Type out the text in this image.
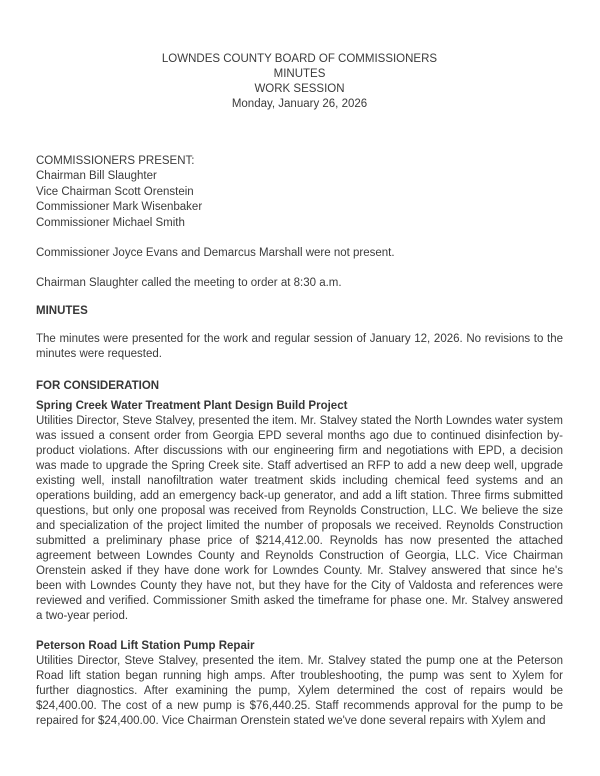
LOWNDES COUNTY BOARD OF COMMISSIONERS
MINUTES
WORK SESSION
Monday, January 26, 2026
COMMISSIONERS PRESENT:
Chairman Bill Slaughter
Vice Chairman Scott Orenstein
Commissioner Mark Wisenbaker
Commissioner Michael Smith

Commissioner Joyce Evans and Demarcus Marshall were not present.

Chairman Slaughter called the meeting to order at 8:30 a.m.

MINUTES

The minutes were presented for the work and regular session of January 12, 2026. No revisions to the minutes were requested.

FOR CONSIDERATION
Spring Creek Water Treatment Plant Design Build Project

Utilities Director, Steve Stalvey, presented the item. Mr. Stalvey stated the North Lowndes water system was issued a consent order from Georgia EPD several months ago due to continued disinfection by-product violations. After discussions with our engineering firm and negotiations with EPD, a decision was made to upgrade the Spring Creek site. Staff advertised an RFP to add a new deep well, upgrade existing well, install nanofiltration water treatment skids including chemical feed systems and an operations building, add an emergency back-up generator, and add a lift station. Three firms submitted questions, but only one proposal was received from Reynolds Construction, LLC. We believe the size and specialization of the project limited the number of proposals we received. Reynolds Construction submitted a preliminary phase price of $214,412.00. Reynolds has now presented the attached agreement between Lowndes County and Reynolds Construction of Georgia, LLC. Vice Chairman Orenstein asked if they have done work for Lowndes County. Mr. Stalvey answered that since he's been with Lowndes County they have not, but they have for the City of Valdosta and references were reviewed and verified. Commissioner Smith asked the timeframe for phase one. Mr. Stalvey answered a two-year period.

Peterson Road Lift Station Pump Repair

Utilities Director, Steve Stalvey, presented the item. Mr. Stalvey stated the pump one at the Peterson Road lift station began running high amps. After troubleshooting, the pump was sent to Xylem for further diagnostics. After examining the pump, Xylem determined the cost of repairs would be $24,400.00. The cost of a new pump is $76,440.25. Staff recommends approval for the pump to be repaired for $24,400.00. Vice Chairman Orenstein stated we've done several repairs with Xylem and
